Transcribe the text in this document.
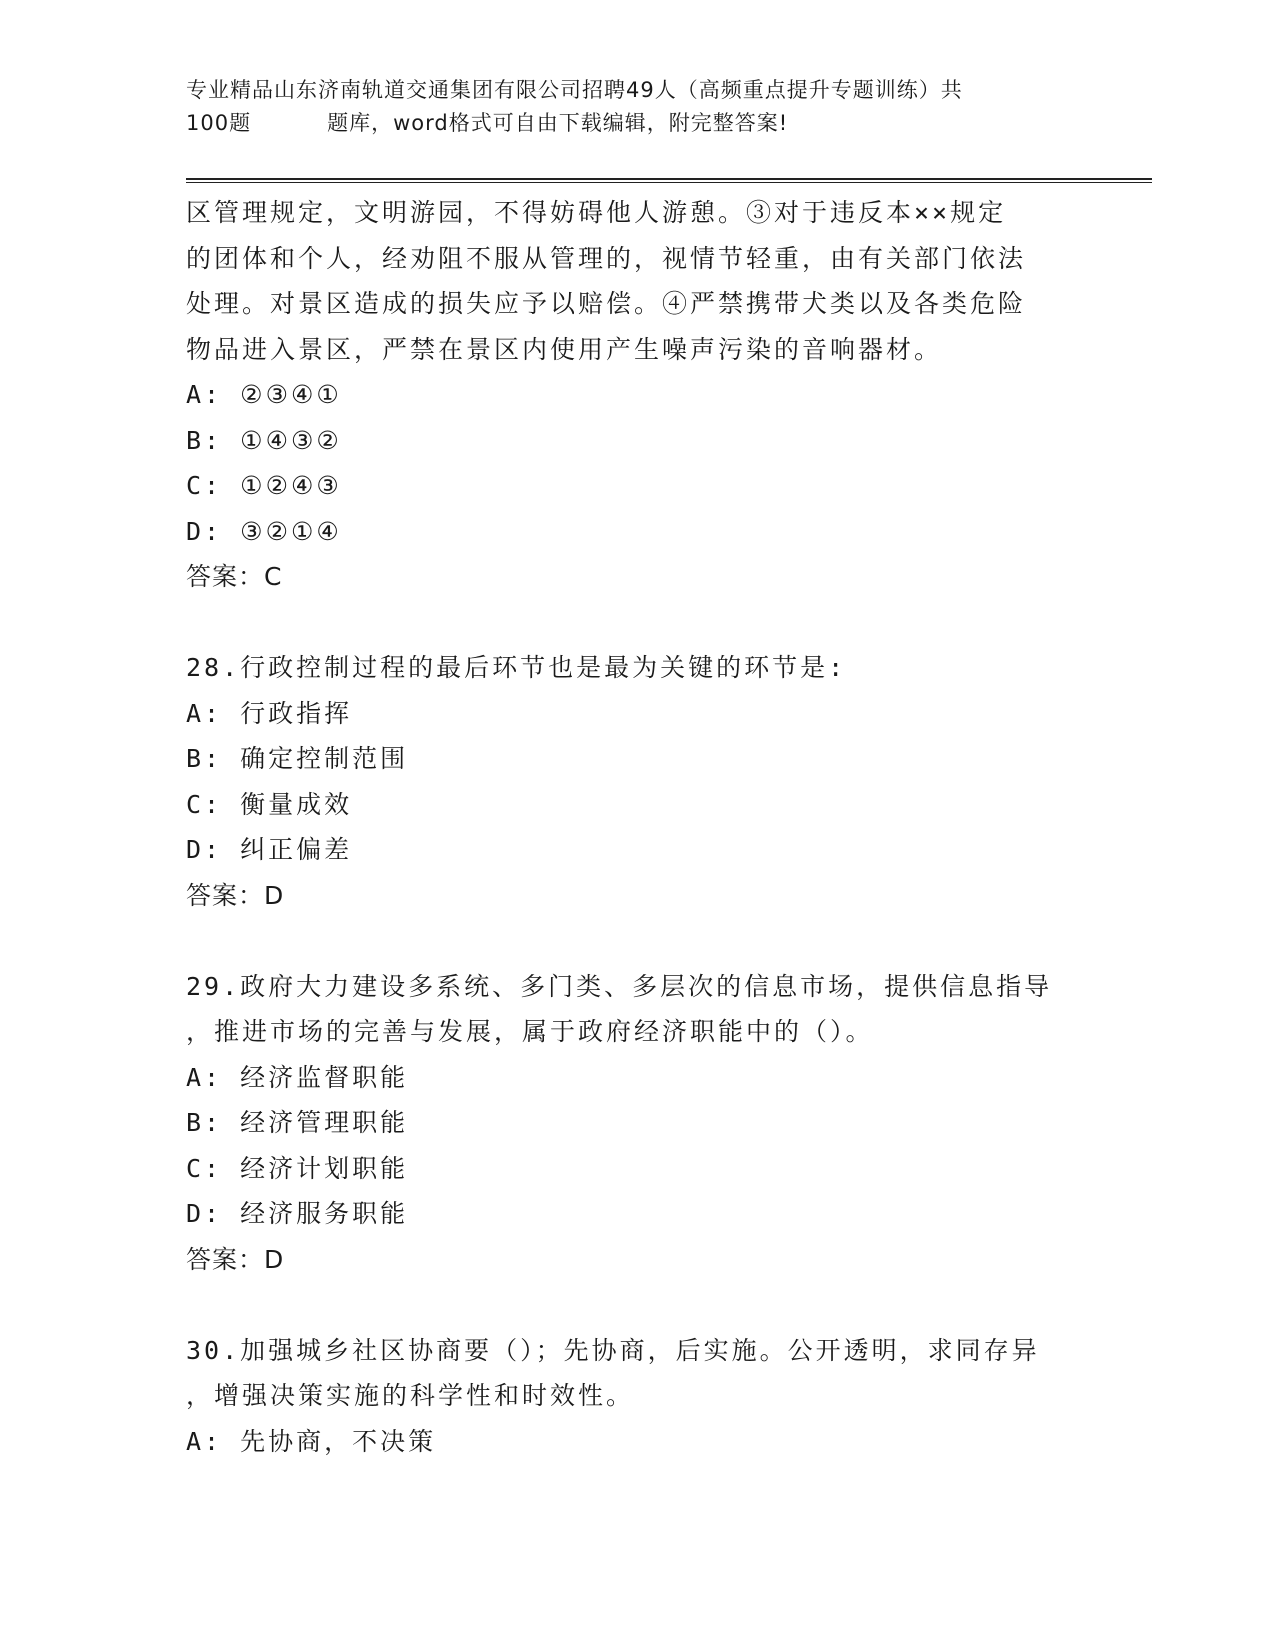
专业精品山东济南轨道交通集团有限公司招聘49人（高频重点提升专题训练）共
100题	题库，word格式可自由下载编辑，附完整答案!
区管理规定，文明游园，不得妨碍他人游憩。③对于违反本××规定
的团体和个人，经劝阻不服从管理的，视情节轻重，由有关部门依法
处理。对景区造成的损失应予以赔偿。④严禁携带犬类以及各类危险
物品进入景区，严禁在景区内使用产生噪声污染的音响器材。
A: ②③④①
B: ①④③②
C: ①②④③
D: ③②①④
答案：C
28.行政控制过程的最后环节也是最为关键的环节是:
A: 行政指挥
B: 确定控制范围
C: 衡量成效
D: 纠正偏差
答案：D
29.政府大力建设多系统、多门类、多层次的信息市场，提供信息指导
，推进市场的完善与发展，属于政府经济职能中的（）。
A: 经济监督职能
B: 经济管理职能
C: 经济计划职能
D: 经济服务职能
答案：D
30.加强城乡社区协商要（）；先协商，后实施。公开透明，求同存异
，增强决策实施的科学性和时效性。
A: 先协商，不决策
